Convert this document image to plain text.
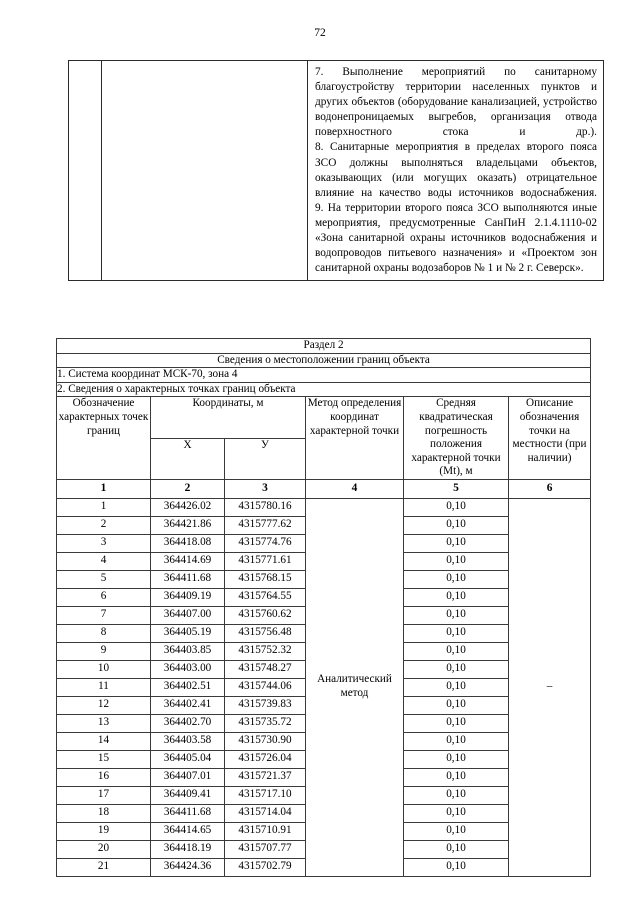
72

7. Выполнение мероприятий по санитарному благоустройству территории населенных пунктов и других объектов (оборудование канализацией, устройство водонепроницаемых выгребов, организация отвода поверхностного стока и др.).

8. Санитарные мероприятия в пределах второго пояса ЗСО должны выполняться владельцами объектов, оказывающих (или могущих оказать) отрицательное влияние на качество воды источников водоснабжения.

9. На территории второго пояса ЗСО выполняются иные мероприятия, предусмотренные СанПиН 2.1.4.1110-02 «Зона санитарной охраны источников водоснабжения и водопроводов питьевого назначения» и «Проектом зон санитарной охраны водозаборов № 1 и № 2 г. Северск».

Раздел 2					
Сведения о местоположении границ объекта					
1. Система координат МСК-70, зона 4					
2. Сведения о характерных точках границ объекта					
Обозначение характерных точек границ	Координаты, м		Метод определения координат характерной точки	Средняя квадратическая погрешность положения характерной точки (Mt), м	Описание обозначения точки на местности (при наличии)
	X	У			
1	2	3	4	5	6
1	364426.02	4315780.16	Аналитический метод	0,10	–
2	364421.86	4315777.62		0,10	
3	364418.08	4315774.76		0,10	
4	364414.69	4315771.61		0,10	
5	364411.68	4315768.15		0,10	
6	364409.19	4315764.55		0,10	
7	364407.00	4315760.62		0,10	
8	364405.19	4315756.48		0,10	
9	364403.85	4315752.32		0,10	
10	364403.00	4315748.27		0,10	
11	364402.51	4315744.06		0,10	
12	364402.41	4315739.83		0,10	
13	364402.70	4315735.72		0,10	
14	364403.58	4315730.90		0,10	
15	364405.04	4315726.04		0,10	
16	364407.01	4315721.37		0,10	
17	364409.41	4315717.10		0,10	
18	364411.68	4315714.04		0,10	
19	364414.65	4315710.91		0,10	
20	364418.19	4315707.77		0,10	
21	364424.36	4315702.79		0,10	
